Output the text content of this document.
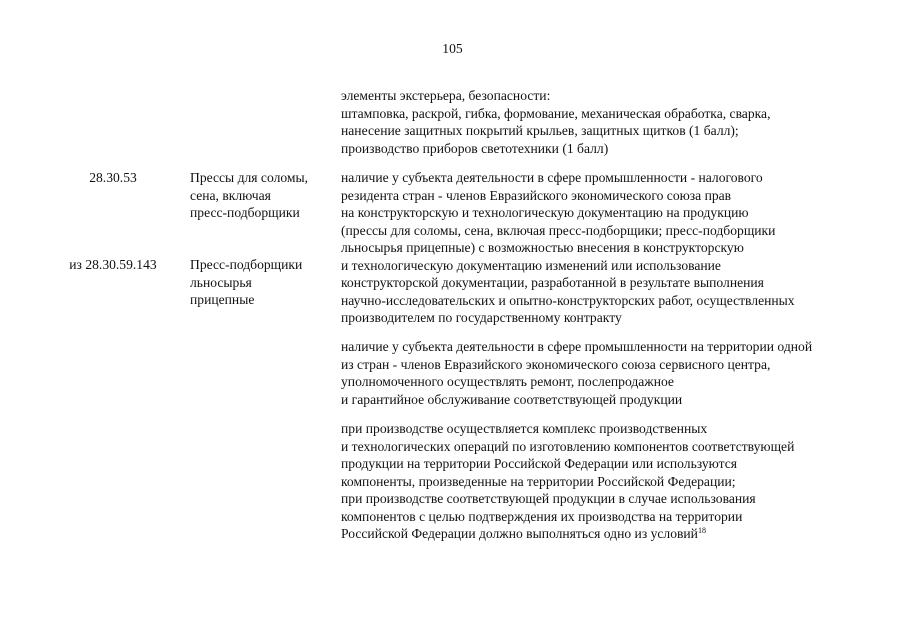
105
элементы экстерьера, безопасности:
штамповка, раскрой, гибка, формование, механическая обработка, сварка,
нанесение защитных покрытий крыльев, защитных щитков (1 балл);
производство приборов светотехники (1 балл)
28.30.53	Прессы для соломы,
сена, включая
пресс-подборщики
из 28.30.59.143	Пресс-подборщики
льносырья
прицепные
наличие у субъекта деятельности в сфере промышленности - налогового
резидента стран - членов Евразийского экономического союза прав
на конструкторскую и технологическую документацию на продукцию
(прессы для соломы, сена, включая пресс-подборщики; пресс-подборщики
льносырья прицепные) с возможностью внесения в конструкторскую
и технологическую документацию изменений или использование
конструкторской документации, разработанной в результате выполнения
научно-исследовательских и опытно-конструкторских работ, осуществленных
производителем по государственному контракту
наличие у субъекта деятельности в сфере промышленности на территории одной
из стран - членов Евразийского экономического союза сервисного центра,
уполномоченного осуществлять ремонт, послепродажное
и гарантийное обслуживание соответствующей продукции
при производстве осуществляется комплекс производственных
и технологических операций по изготовлению компонентов соответствующей
продукции на территории Российской Федерации или используются
компоненты, произведенные на территории Российской Федерации;
при производстве соответствующей продукции в случае использования
компонентов с целью подтверждения их производства на территории
Российской Федерации должно выполняться одно из условий$^{18}$
